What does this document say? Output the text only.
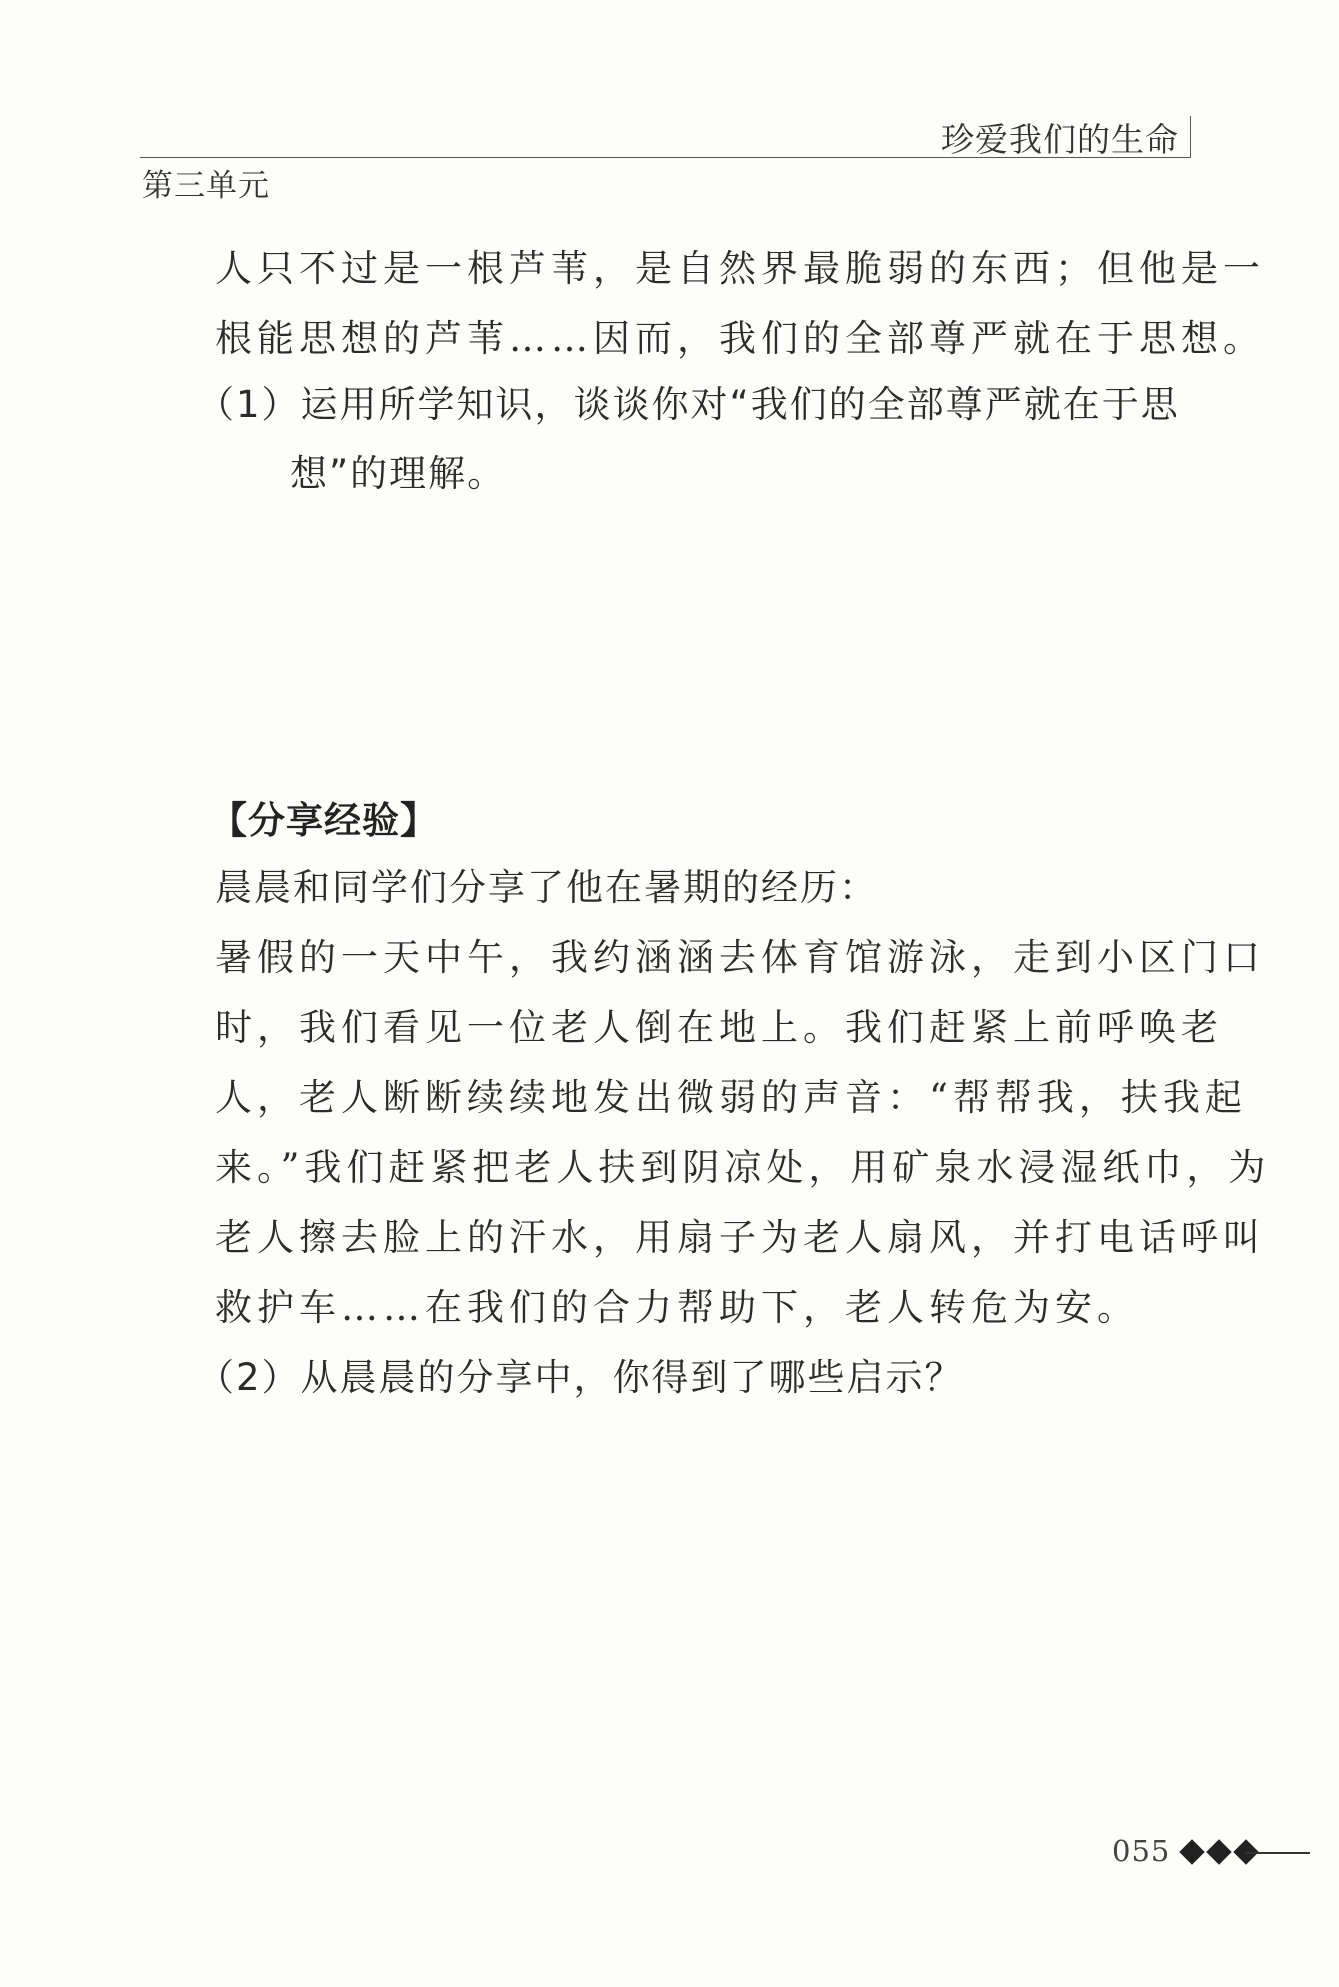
珍爱我们的生命
第三单元
人只不过是一根芦苇，是自然界最脆弱的东西；但他是一
根能思想的芦苇……因而，我们的全部尊严就在于思想。
（1）运用所学知识，谈谈你对“我们的全部尊严就在于思
想”的理解。
【分享经验】
晨晨和同学们分享了他在暑期的经历：
暑假的一天中午，我约涵涵去体育馆游泳，走到小区门口
时，我们看见一位老人倒在地上。我们赶紧上前呼唤老
人，老人断断续续地发出微弱的声音：“帮帮我，扶我起
来。”我们赶紧把老人扶到阴凉处，用矿泉水浸湿纸巾，为
老人擦去脸上的汗水，用扇子为老人扇风，并打电话呼叫
救护车……在我们的合力帮助下，老人转危为安。
（2）从晨晨的分享中，你得到了哪些启示？
055
